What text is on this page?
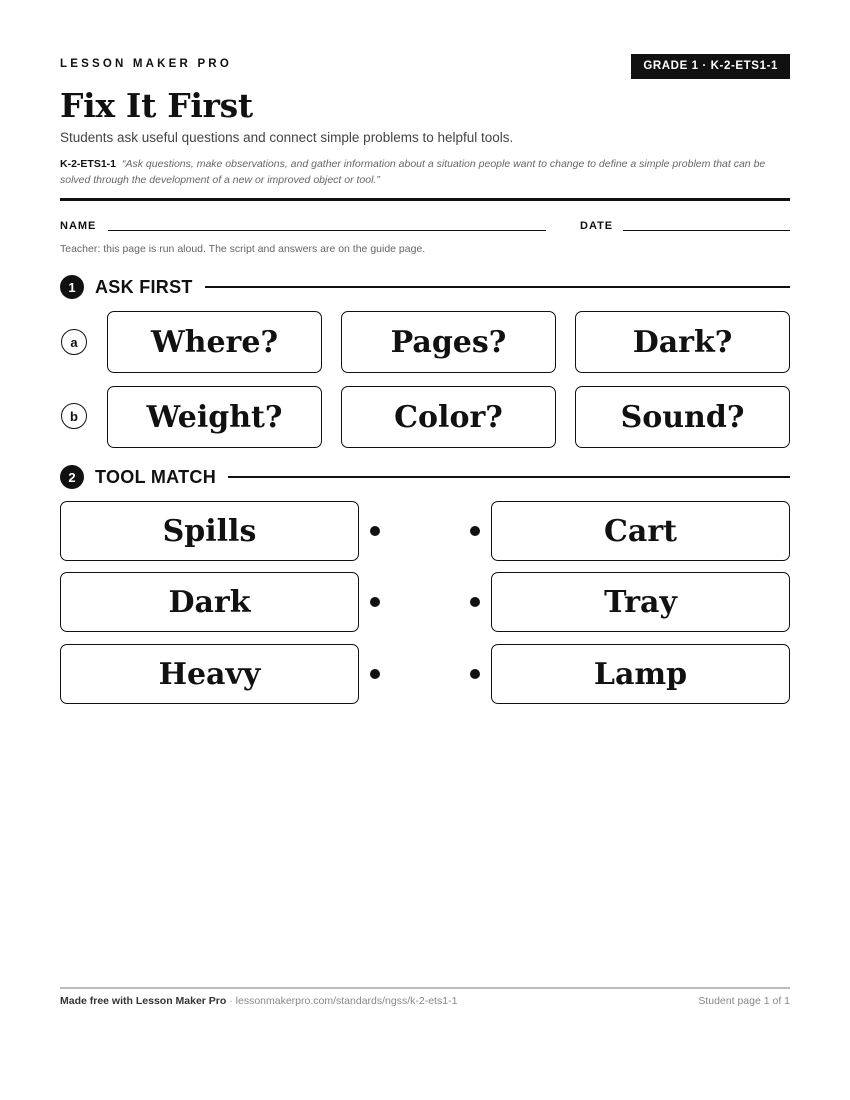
LESSON MAKER PRO	GRADE 1 · K-2-ETS1-1
Fix It First
Students ask useful questions and connect simple problems to helpful tools.
K-2-ETS1-1 “Ask questions, make observations, and gather information about a situation people want to change to define a simple problem that can be solved through the development of a new or improved object or tool.”
NAME	DATE
Teacher: this page is run aloud. The script and answers are on the guide page.
1	ASK FIRST
a	Where?	Pages?	Dark?
b	Weight?	Color?	Sound?
2	TOOL MATCH
Spills	Cart
Dark	Tray
Heavy	Lamp
Made free with Lesson Maker Pro · lessonmakerpro.com/standards/ngss/k-2-ets1-1	Student page 1 of 1
